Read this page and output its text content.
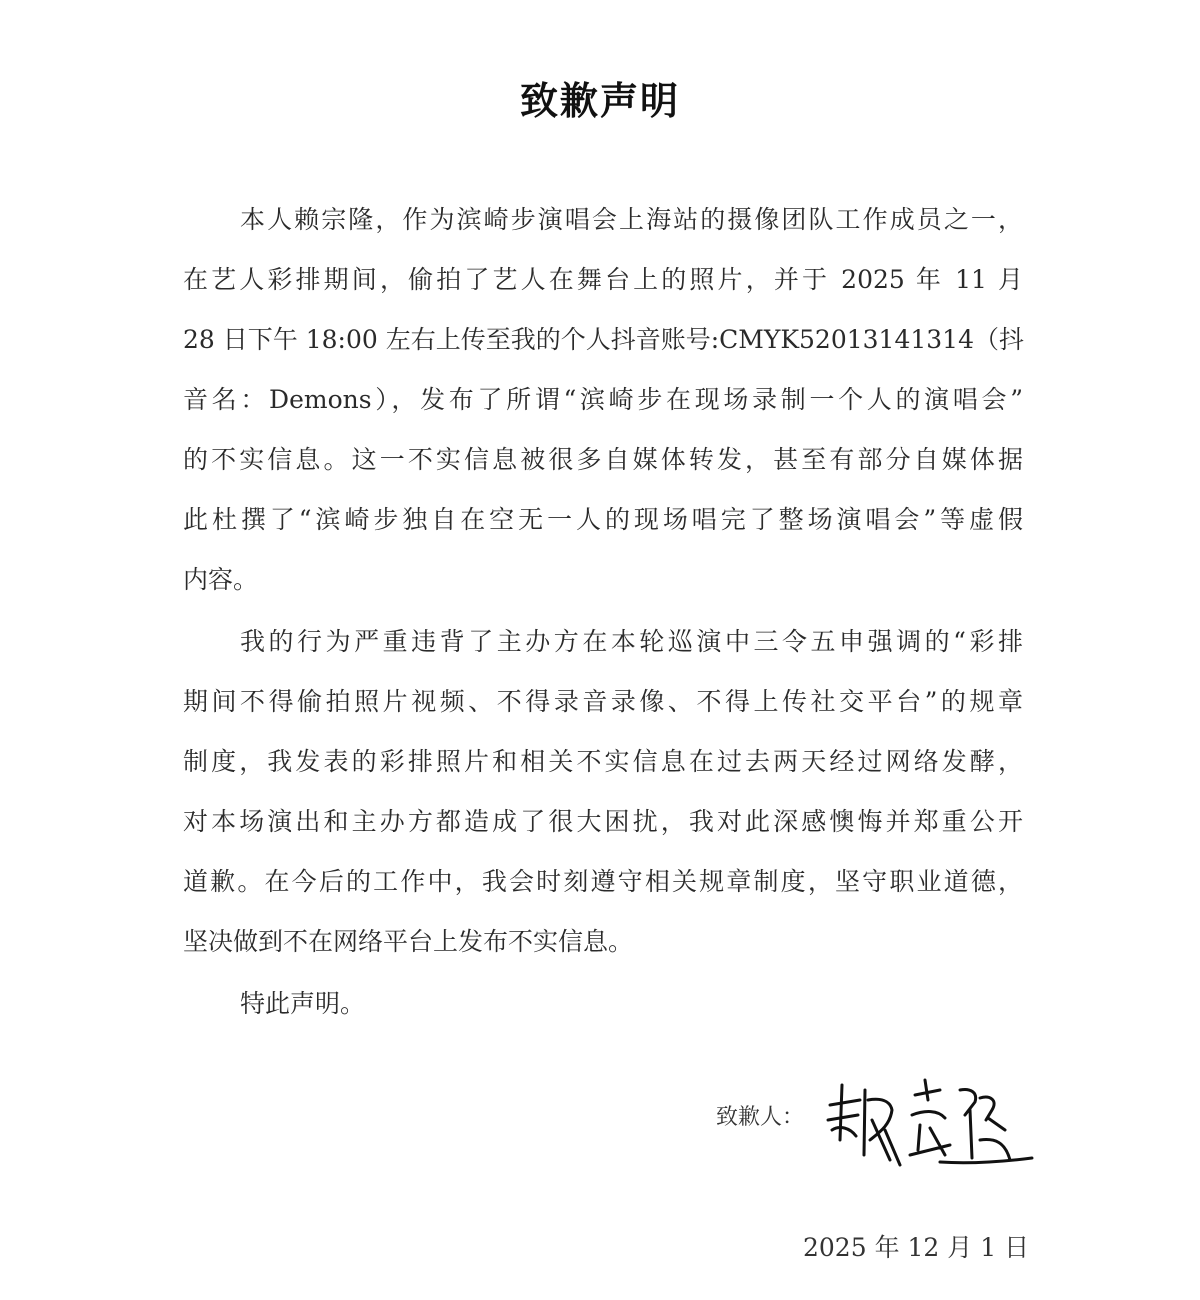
致歉声明
本人赖宗隆，作为滨崎步演唱会上海站的摄像团队工作成员之一，
在艺人彩排期间，偷拍了艺人在舞台上的照片，并于 2025 年 11 月
28 日下午 18:00 左右上传至我的个人抖音账号:CMYK52013141314（抖
音名：Demons），发布了所谓“滨崎步在现场录制一个人的演唱会”
的不实信息。这一不实信息被很多自媒体转发，甚至有部分自媒体据
此杜撰了“滨崎步独自在空无一人的现场唱完了整场演唱会”等虚假
内容。
我的行为严重违背了主办方在本轮巡演中三令五申强调的“彩排
期间不得偷拍照片视频、不得录音录像、不得上传社交平台”的规章
制度，我发表的彩排照片和相关不实信息在过去两天经过网络发酵，
对本场演出和主办方都造成了很大困扰，我对此深感懊悔并郑重公开
道歉。在今后的工作中，我会时刻遵守相关规章制度，坚守职业道德，
坚决做到不在网络平台上发布不实信息。
特此声明。
致歉人：
2025 年 12 月 1 日
